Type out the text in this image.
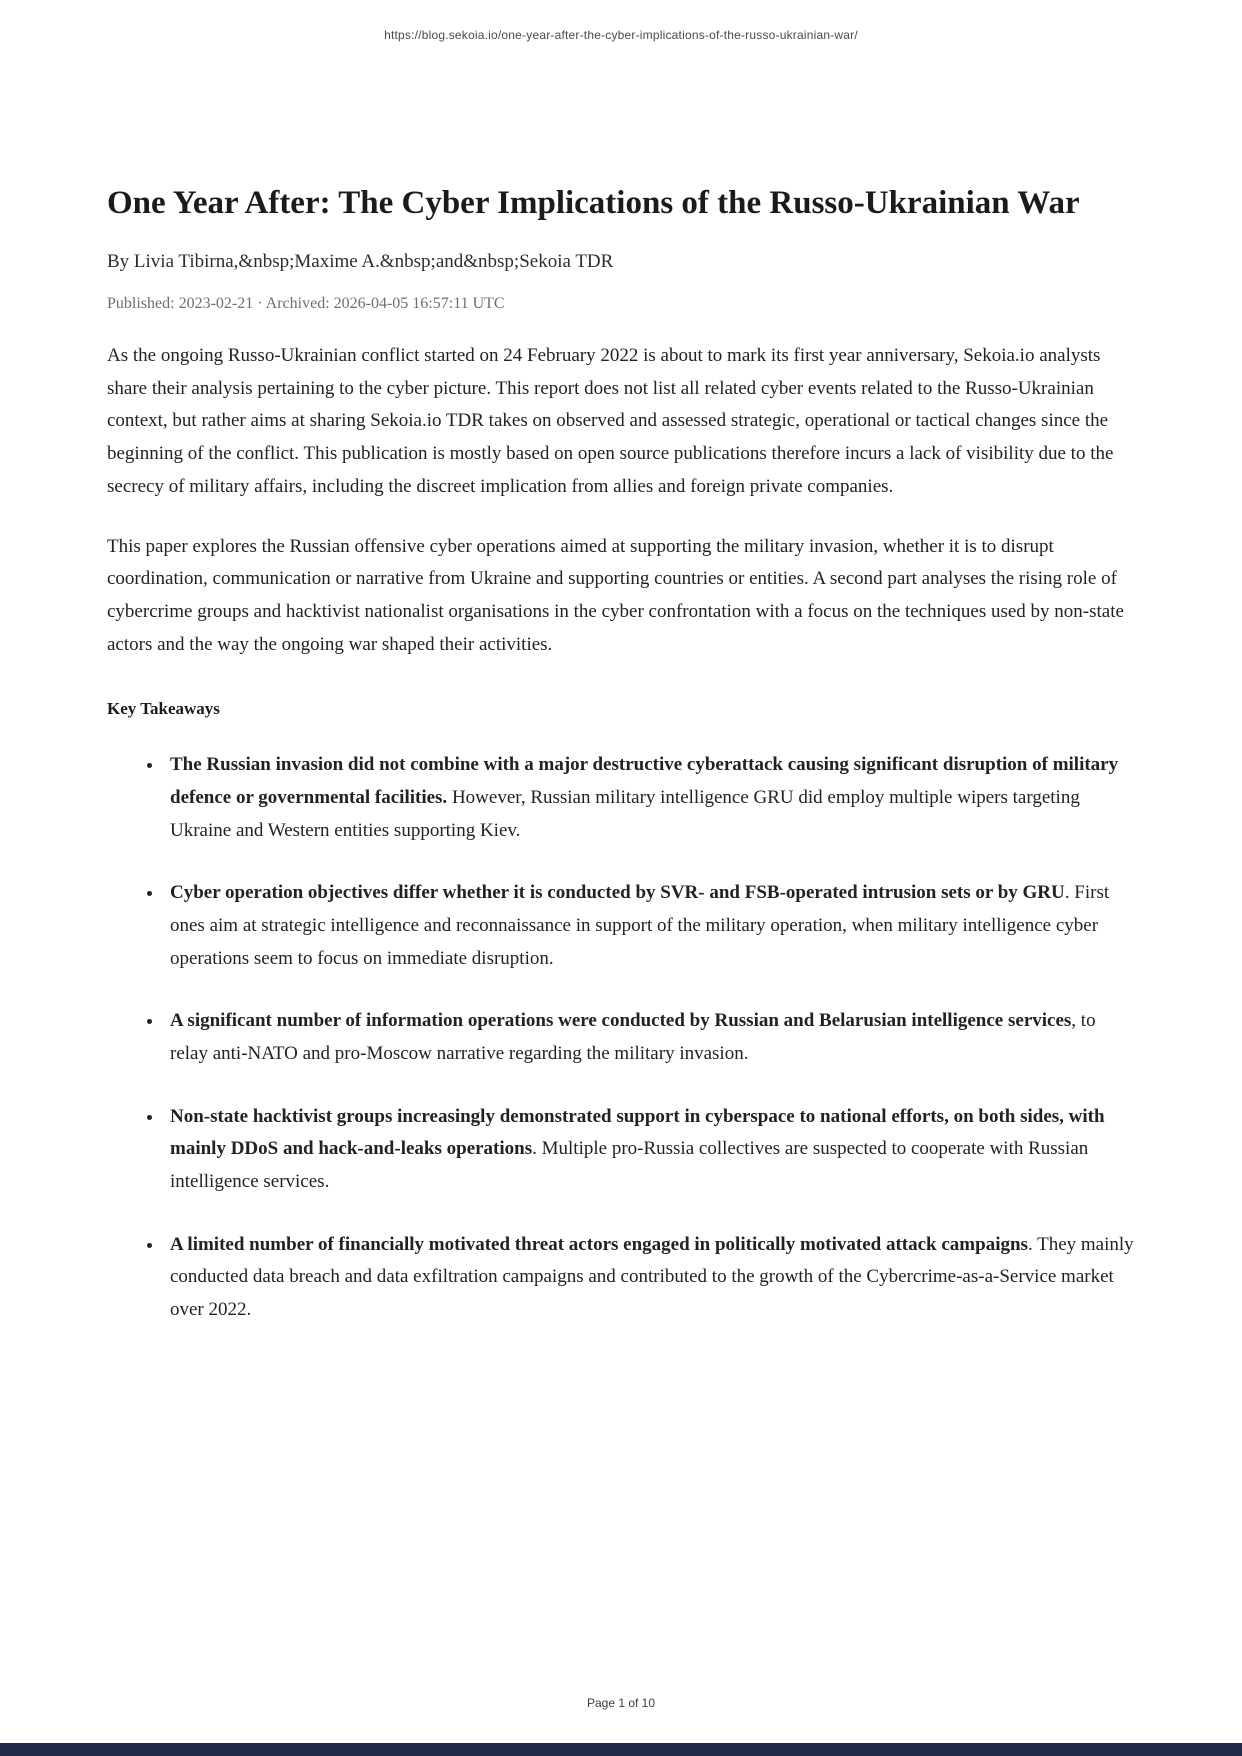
https://blog.sekoia.io/one-year-after-the-cyber-implications-of-the-russo-ukrainian-war/
One Year After: The Cyber Implications of the Russo-Ukrainian War

By Livia Tibirna,&nbsp;Maxime A.&nbsp;and&nbsp;Sekoia TDR

Published: 2023-02-21 · Archived: 2026-04-05 16:57:11 UTC

As the ongoing Russo-Ukrainian conflict started on 24 February 2022 is about to mark its first year anniversary, Sekoia.io analysts share their analysis pertaining to the cyber picture. This report does not list all related cyber events related to the Russo-Ukrainian context, but rather aims at sharing Sekoia.io TDR takes on observed and assessed strategic, operational or tactical changes since the beginning of the conflict. This publication is mostly based on open source publications therefore incurs a lack of visibility due to the secrecy of military affairs, including the discreet implication from allies and foreign private companies.

This paper explores the Russian offensive cyber operations aimed at supporting the military invasion, whether it is to disrupt coordination, communication or narrative from Ukraine and supporting countries or entities. A second part analyses the rising role of cybercrime groups and hacktivist nationalist organisations in the cyber confrontation with a focus on the techniques used by non-state actors and the way the ongoing war shaped their activities.

Key Takeaways
• The Russian invasion did not combine with a major destructive cyberattack causing significant disruption of military defence or governmental facilities. However, Russian military intelligence GRU did employ multiple wipers targeting Ukraine and Western entities supporting Kiev.
• Cyber operation objectives differ whether it is conducted by SVR- and FSB-operated intrusion sets or by GRU. First ones aim at strategic intelligence and reconnaissance in support of the military operation, when military intelligence cyber operations seem to focus on immediate disruption.
• A significant number of information operations were conducted by Russian and Belarusian intelligence services, to relay anti-NATO and pro-Moscow narrative regarding the military invasion.
• Non-state hacktivist groups increasingly demonstrated support in cyberspace to national efforts, on both sides, with mainly DDoS and hack-and-leaks operations. Multiple pro-Russia collectives are suspected to cooperate with Russian intelligence services.
• A limited number of financially motivated threat actors engaged in politically motivated attack campaigns. They mainly conducted data breach and data exfiltration campaigns and contributed to the growth of the Cybercrime-as-a-Service market over 2022.
Page 1 of 10
